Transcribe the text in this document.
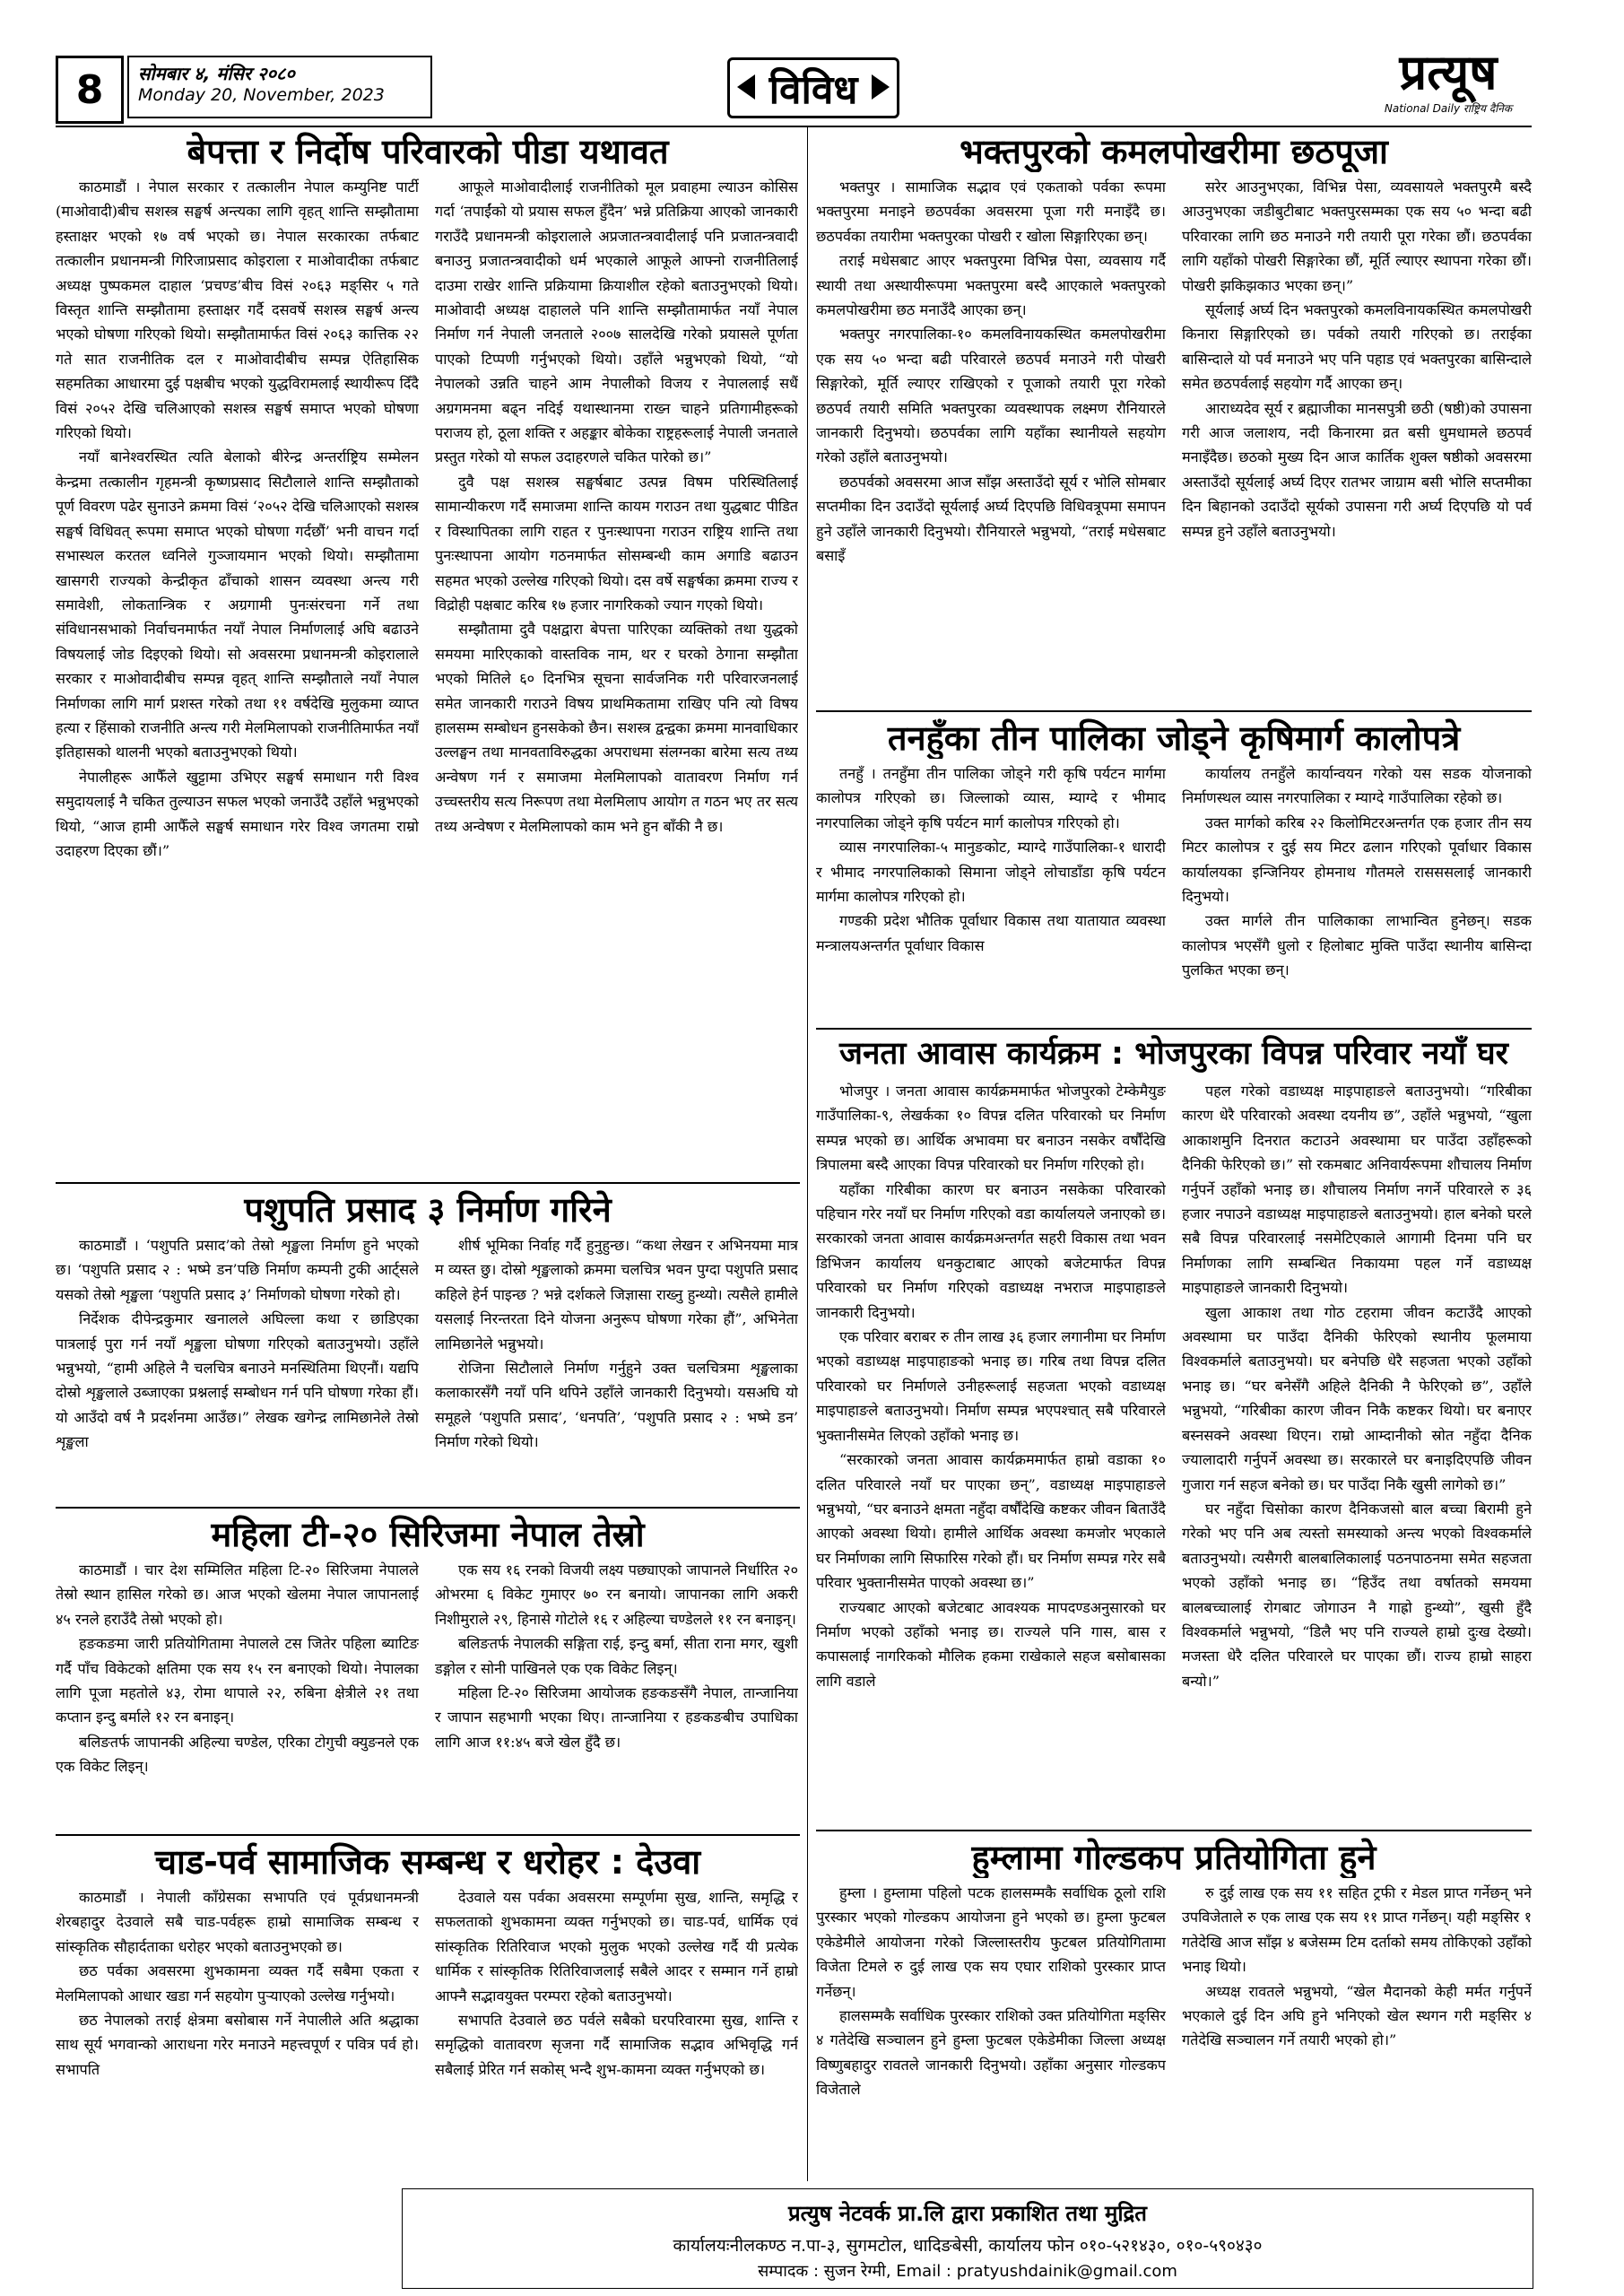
8	सोमबार ४, मंसिर २०८०
Monday 20, November, 2023	विविध	प्रत्यूष
National Daily राष्ट्रिय दैनिक
बेपत्ता र निर्दोष परिवारको पीडा यथावत

काठमाडौं । नेपाल सरकार र तत्कालीन नेपाल कम्युनिष्ट पार्टी (माओवादी)बीच सशस्त्र सङ्घर्ष अन्त्यका लागि वृहत् शान्ति सम्झौतामा हस्ताक्षर भएको १७ वर्ष भएको छ। नेपाल सरकारका तर्फबाट तत्कालीन प्रधानमन्त्री गिरिजाप्रसाद कोइराला र माओवादीका तर्फबाट अध्यक्ष पुष्पकमल दाहाल ‘प्रचण्ड’बीच विसं २०६३ मङ्सिर ५ गते विस्तृत शान्ति सम्झौतामा हस्ताक्षर गर्दै दसवर्षे सशस्त्र सङ्घर्ष अन्त्य भएको घोषणा गरिएको थियो। सम्झौतामार्फत विसं २०६३ कात्तिक २२ गते सात राजनीतिक दल र माओवादीबीच सम्पन्न ऐतिहासिक सहमतिका आधारमा दुई पक्षबीच भएको युद्धविरामलाई स्थायीरूप दिँदै विसं २०५२ देखि चलिआएको सशस्त्र सङ्घर्ष समाप्त भएको घोषणा गरिएको थियो।

नयाँ बानेश्वरस्थित त्यति बेलाको बीरेन्द्र अन्तर्राष्ट्रिय सम्मेलन केन्द्रमा तत्कालीन गृहमन्त्री कृष्णप्रसाद सिटौलाले शान्ति सम्झौताको पूर्ण विवरण पढेर सुनाउने क्रममा विसं ‘२०५२ देखि चलिआएको सशस्त्र सङ्घर्ष विधिवत् रूपमा समाप्त भएको घोषणा गर्दछौं’ भनी वाचन गर्दा सभास्थल करतल ध्वनिले गुञ्जायमान भएको थियो। सम्झौतामा खासगरी राज्यको केन्द्रीकृत ढाँचाको शासन व्यवस्था अन्त्य गरी समावेशी, लोकतान्त्रिक र अग्रगामी पुनःसंरचना गर्ने तथा संविधानसभाको निर्वाचनमार्फत नयाँ नेपाल निर्माणलाई अघि बढाउने विषयलाई जोड दिइएको थियो। सो अवसरमा प्रधानमन्त्री कोइरालाले सरकार र माओवादीबीच सम्पन्न वृहत् शान्ति सम्झौताले नयाँ नेपाल निर्माणका लागि मार्ग प्रशस्त गरेको तथा ११ वर्षदेखि मुलुकमा व्याप्त हत्या र हिंसाको राजनीति अन्त्य गरी मेलमिलापको राजनीतिमार्फत नयाँ इतिहासको थालनी भएको बताउनुभएको थियो।

नेपालीहरू आफैँले खुट्टामा उभिएर सङ्घर्ष समाधान गरी विश्व समुदायलाई नै चकित तुल्याउन सफल भएको जनाउँदै उहाँले भन्नुभएको थियो, “आज हामी आफैँले सङ्घर्ष समाधान गरेर विश्व जगतमा राम्रो उदाहरण दिएका छौं।”

आफूले माओवादीलाई राजनीतिको मूल प्रवाहमा ल्याउन कोसिस गर्दा ‘तपाईंको यो प्रयास सफल हुँदैन’ भन्ने प्रतिक्रिया आएको जानकारी गराउँदै प्रधानमन्त्री कोइरालाले अप्रजातन्त्रवादीलाई पनि प्रजातन्त्रवादी बनाउनु प्रजातन्त्रवादीको धर्म भएकाले आफूले आफ्नो राजनीतिलाई दाउमा राखेर शान्ति प्रक्रियामा क्रियाशील रहेको बताउनुभएको थियो। माओवादी अध्यक्ष दाहालले पनि शान्ति सम्झौतामार्फत नयाँ नेपाल निर्माण गर्न नेपाली जनताले २००७ सालदेखि गरेको प्रयासले पूर्णता पाएको टिप्पणी गर्नुभएको थियो। उहाँले भन्नुभएको थियो, “यो नेपालको उन्नति चाहने आम नेपालीको विजय र नेपाललाई सधैं अग्रगमनमा बढ्न नदिई यथास्थानमा राख्न चाहने प्रतिगामीहरूको पराजय हो, ठूला शक्ति र अहङ्कार बोकेका राष्ट्रहरूलाई नेपाली जनताले प्रस्तुत गरेको यो सफल उदाहरणले चकित पारेको छ।”

दुवै पक्ष सशस्त्र सङ्घर्षबाट उत्पन्न विषम परिस्थितिलाई सामान्यीकरण गर्दै समाजमा शान्ति कायम गराउन तथा युद्धबाट पीडित र विस्थापितका लागि राहत र पुनःस्थापना गराउन राष्ट्रिय शान्ति तथा पुनःस्थापना आयोग गठनमार्फत सोसम्बन्धी काम अगाडि बढाउन सहमत भएको उल्लेख गरिएको थियो। दस वर्षे सङ्घर्षका क्रममा राज्य र विद्रोही पक्षबाट करिब १७ हजार नागरिकको ज्यान गएको थियो।

सम्झौतामा दुवै पक्षद्वारा बेपत्ता पारिएका व्यक्तिको तथा युद्धको समयमा मारिएकाको वास्तविक नाम, थर र घरको ठेगाना सम्झौता भएको मितिले ६० दिनभित्र सूचना सार्वजनिक गरी परिवारजनलाई समेत जानकारी गराउने विषय प्राथमिकतामा राखिए पनि त्यो विषय हालसम्म सम्बोधन हुनसकेको छैन। सशस्त्र द्वन्द्वका क्रममा मानवाधिकार उल्लङ्घन तथा मानवताविरुद्धका अपराधमा संलग्नका बारेमा सत्य तथ्य अन्वेषण गर्न र समाजमा मेलमिलापको वातावरण निर्माण गर्न उच्चस्तरीय सत्य निरूपण तथा मेलमिलाप आयोग त गठन भए तर सत्य तथ्य अन्वेषण र मेलमिलापको काम भने हुन बाँकी नै छ।

पशुपति प्रसाद ३ निर्माण गरिने

काठमाडौं । ‘पशुपति प्रसाद’को तेस्रो शृङ्खला निर्माण हुने भएको छ। ‘पशुपति प्रसाद २ : भष्मे डन’पछि निर्माण कम्पनी टुकी आर्ट्सले यसको तेस्रो शृङ्खला ‘पशुपति प्रसाद ३’ निर्माणको घोषणा गरेको हो।

निर्देशक दीपेन्द्रकुमार खनालले अघिल्ला कथा र छाडिएका पात्रलाई पुरा गर्न नयाँ शृङ्खला घोषणा गरिएको बताउनुभयो। उहाँले भन्नुभयो, “हामी अहिले नै चलचित्र बनाउने मनस्थितिमा थिएनौं। यद्यपि दोस्रो शृङ्खलाले उब्जाएका प्रश्नलाई सम्बोधन गर्न पनि घोषणा गरेका हौं। यो आउँदो वर्ष नै प्रदर्शनमा आउँछ।” लेखक खगेन्द्र लामिछानेले तेस्रो शृङ्खला

शीर्ष भूमिका निर्वाह गर्दै हुनुहुन्छ। “कथा लेखन र अभिनयमा मात्र म व्यस्त छु। दोस्रो शृङ्खलाको क्रममा चलचित्र भवन पुग्दा पशुपति प्रसाद कहिले हेर्न पाइन्छ ? भन्ने दर्शकले जिज्ञासा राख्नु हुन्थ्यो। त्यसैले हामीले यसलाई निरन्तरता दिने योजना अनुरूप घोषणा गरेका हौं”, अभिनेता लामिछानेले भन्नुभयो।

रोजिना सिटौलाले निर्माण गर्नुहुने उक्त चलचित्रमा शृङ्खलाका कलाकारसँगै नयाँ पनि थपिने उहाँले जानकारी दिनुभयो। यसअघि यो समूहले ‘पशुपति प्रसाद’, ‘धनपति’, ‘पशुपति प्रसाद २ : भष्मे डन’ निर्माण गरेको थियो।

महिला टी-२० सिरिजमा नेपाल तेस्रो

काठमाडौं । चार देश सम्मिलित महिला टि-२० सिरिजमा नेपालले तेस्रो स्थान हासिल गरेको छ। आज भएको खेलमा नेपाल जापानलाई ४५ रनले हराउँदै तेस्रो भएको हो।

हङकङमा जारी प्रतियोगितामा नेपालले टस जितेर पहिला ब्याटिङ गर्दै पाँच विकेटको क्षतिमा एक सय १५ रन बनाएको थियो। नेपालका लागि पूजा महतोले ४३, रोमा थापाले २२, रुबिना क्षेत्रीले २१ तथा कप्तान इन्दु बर्माले १२ रन बनाइन्।

बलिङतर्फ जापानकी अहिल्या चण्डेल, एरिका टोगुची क्युङनले एक एक विकेट लिइन्।

एक सय १६ रनको विजयी लक्ष्य पछ्याएको जापानले निर्धारित २० ओभरमा ६ विकेट गुमाएर ७० रन बनायो। जापानका लागि अकरी निशीमुराले २९, हिनासे गोटोले १६ र अहिल्या चण्डेलले ११ रन बनाइन्।

बलिङतर्फ नेपालकी सङ्गिता राई, इन्दु बर्मा, सीता राना मगर, खुशी डङ्गोल र सोनी पाखिनले एक एक विकेट लिइन्।

महिला टि-२० सिरिजमा आयोजक हङकङसँगै नेपाल, तान्जानिया र जापान सहभागी भएका थिए। तान्जानिया र हङकङबीच उपाधिका लागि आज ११:४५ बजे खेल हुँदै छ।

चाड-पर्व सामाजिक सम्बन्ध र धरोहर : देउवा

काठमाडौं । नेपाली काँग्रेसका सभापति एवं पूर्वप्रधानमन्त्री शेरबहादुर देउवाले सबै चाड-पर्वहरू हाम्रो सामाजिक सम्बन्ध र सांस्कृतिक सौहार्दताका धरोहर भएको बताउनुभएको छ।

छठ पर्वका अवसरमा शुभकामना व्यक्त गर्दै सबैमा एकता र मेलमिलापको आधार खडा गर्न सहयोग पुऱ्याएको उल्लेख गर्नुभयो।

छठ नेपालको तराई क्षेत्रमा बसोबास गर्ने नेपालीले अति श्रद्धाका साथ सूर्य भगवान्को आराधना गरेर मनाउने महत्त्वपूर्ण र पवित्र पर्व हो। सभापति

देउवाले यस पर्वका अवसरमा सम्पूर्णमा सुख, शान्ति, समृद्धि र सफलताको शुभकामना व्यक्त गर्नुभएको छ। चाड-पर्व, धार्मिक एवं सांस्कृतिक रितिरिवाज भएको मुलुक भएको उल्लेख गर्दै यी प्रत्येक धार्मिक र सांस्कृतिक रितिरिवाजलाई सबैले आदर र सम्मान गर्ने हाम्रो आफ्नै सद्भावयुक्त परम्परा रहेको बताउनुभयो।

सभापति देउवाले छठ पर्वले सबैको घरपरिवारमा सुख, शान्ति र समृद्धिको वातावरण सृजना गर्दै सामाजिक सद्भाव अभिवृद्धि गर्न सबैलाई प्रेरित गर्न सकोस् भन्दै शुभ-कामना व्यक्त गर्नुभएको छ।

भक्तपुरको कमलपोखरीमा छठपूजा

भक्तपुर । सामाजिक सद्भाव एवं एकताको पर्वका रूपमा भक्तपुरमा मनाइने छठपर्वका अवसरमा पूजा गरी मनाइँदै छ। छठपर्वका तयारीमा भक्तपुरका पोखरी र खोला सिङ्गारिएका छन्।

तराई मधेसबाट आएर भक्तपुरमा विभिन्न पेसा, व्यवसाय गर्दै स्थायी तथा अस्थायीरूपमा भक्तपुरमा बस्दै आएकाले भक्तपुरको कमलपोखरीमा छठ मनाउँदै आएका छन्।

भक्तपुर नगरपालिका-१० कमलविनायकस्थित कमलपोखरीमा एक सय ५० भन्दा बढी परिवारले छठपर्व मनाउने गरी पोखरी सिङ्गारेको, मूर्ति ल्याएर राखिएको र पूजाको तयारी पूरा गरेको छठपर्व तयारी समिति भक्तपुरका व्यवस्थापक लक्ष्मण रौनियारले जानकारी दिनुभयो। छठपर्वका लागि यहाँका स्थानीयले सहयोग गरेको उहाँले बताउनुभयो।

छठपर्वको अवसरमा आज साँझ अस्ताउँदो सूर्य र भोलि सोमबार सप्तमीका दिन उदाउँदो सूर्यलाई अर्घ्य दिएपछि विधिवत्रूपमा समापन हुने उहाँले जानकारी दिनुभयो। रौनियारले भन्नुभयो, “तराई मधेसबाट बसाइँ

सरेर आउनुभएका, विभिन्न पेसा, व्यवसायले भक्तपुरमै बस्दै आउनुभएका जडीबुटीबाट भक्तपुरसम्मका एक सय ५० भन्दा बढी परिवारका लागि छठ मनाउने गरी तयारी पूरा गरेका छौं। छठपर्वका लागि यहाँको पोखरी सिङ्गारेका छौं, मूर्ति ल्याएर स्थापना गरेका छौं। पोखरी झकिझकाउ भएका छन्।”

सूर्यलाई अर्घ्य दिन भक्तपुरको कमलविनायकस्थित कमलपोखरी किनारा सिङ्गारिएको छ। पर्वको तयारी गरिएको छ। तराईका बासिन्दाले यो पर्व मनाउने भए पनि पहाड एवं भक्तपुरका बासिन्दाले समेत छठपर्वलाई सहयोग गर्दै आएका छन्।

आराध्यदेव सूर्य र ब्रह्माजीका मानसपुत्री छठी (षष्ठी)को उपासना गरी आज जलाशय, नदी किनारमा व्रत बसी धुमधामले छठपर्व मनाइँदैछ। छठको मुख्य दिन आज कार्तिक शुक्ल षष्ठीको अवसरमा अस्ताउँदो सूर्यलाई अर्घ्य दिएर रातभर जाग्राम बसी भोलि सप्तमीका दिन बिहानको उदाउँदो सूर्यको उपासना गरी अर्घ्य दिएपछि यो पर्व सम्पन्न हुने उहाँले बताउनुभयो।

तनहुँका तीन पालिका जोड्ने कृषिमार्ग कालोपत्रे

तनहुँ । तनहुँमा तीन पालिका जोड्ने गरी कृषि पर्यटन मार्गमा कालोपत्र गरिएको छ। जिल्लाको व्यास, म्याग्दे र भीमाद नगरपालिका जोड्ने कृषि पर्यटन मार्ग कालोपत्र गरिएको हो।

व्यास नगरपालिका-५ मानुङकोट, म्याग्दे गाउँपालिका-१ धारादी र भीमाद नगरपालिकाको सिमाना जोड्ने लोचाडाँडा कृषि पर्यटन मार्गमा कालोपत्र गरिएको हो।

गण्डकी प्रदेश भौतिक पूर्वाधार विकास तथा यातायात व्यवस्था मन्त्रालयअन्तर्गत पूर्वाधार विकास

कार्यालय तनहुँले कार्यान्वयन गरेको यस सडक योजनाको निर्माणस्थल व्यास नगरपालिका र म्याग्दे गाउँपालिका रहेको छ।

उक्त मार्गको करिब २२ किलोमिटरअन्तर्गत एक हजार तीन सय मिटर कालोपत्र र दुई सय मिटर ढलान गरिएको पूर्वाधार विकास कार्यालयका इन्जिनियर होमनाथ गौतमले रासससलाई जानकारी दिनुभयो।

उक्त मार्गले तीन पालिकाका लाभान्वित हुनेछन्। सडक कालोपत्र भएसँगै धुलो र हिलोबाट मुक्ति पाउँदा स्थानीय बासिन्दा पुलकित भएका छन्।

जनता आवास कार्यक्रम : भोजपुरका विपन्न परिवार नयाँ घर

भोजपुर । जनता आवास कार्यक्रममार्फत भोजपुरको टेम्केमैयुङ गाउँपालिका-९, लेखर्कका १० विपन्न दलित परिवारको घर निर्माण सम्पन्न भएको छ। आर्थिक अभावमा घर बनाउन नसकेर वर्षौंदेखि त्रिपालमा बस्दै आएका विपन्न परिवारको घर निर्माण गरिएको हो।

यहाँका गरिबीका कारण घर बनाउन नसकेका परिवारको पहिचान गरेर नयाँ घर निर्माण गरिएको वडा कार्यालयले जनाएको छ। सरकारको जनता आवास कार्यक्रमअन्तर्गत सहरी विकास तथा भवन डिभिजन कार्यालय धनकुटाबाट आएको बजेटमार्फत विपन्न परिवारको घर निर्माण गरिएको वडाध्यक्ष नभराज माइपाहाङले जानकारी दिनुभयो।

एक परिवार बराबर रु तीन लाख ३६ हजार लगानीमा घर निर्माण भएको वडाध्यक्ष माइपाहाङको भनाइ छ। गरिब तथा विपन्न दलित परिवारको घर निर्माणले उनीहरूलाई सहजता भएको वडाध्यक्ष माइपाहाङले बताउनुभयो। निर्माण सम्पन्न भएपश्चात् सबै परिवारले भुक्तानीसमेत लिएको उहाँको भनाइ छ।

“सरकारको जनता आवास कार्यक्रममार्फत हाम्रो वडाका १० दलित परिवारले नयाँ घर पाएका छन्”, वडाध्यक्ष माइपाहाङले भन्नुभयो, “घर बनाउने क्षमता नहुँदा वर्षौंदेखि कष्टकर जीवन बिताउँदै आएको अवस्था थियो। हामीले आर्थिक अवस्था कमजोर भएकाले घर निर्माणका लागि सिफारिस गरेको हौं। घर निर्माण सम्पन्न गरेर सबै परिवार भुक्तानीसमेत पाएको अवस्था छ।”

राज्यबाट आएको बजेटबाट आवश्यक मापदण्डअनुसारको घर निर्माण भएको उहाँको भनाइ छ। राज्यले पनि गास, बास र कपासलाई नागरिकको मौलिक हकमा राखेकाले सहज बसोबासका लागि वडाले

पहल गरेको वडाध्यक्ष माइपाहाङले बताउनुभयो। “गरिबीका कारण धेरै परिवारको अवस्था दयनीय छ”, उहाँले भन्नुभयो, “खुला आकाशमुनि दिनरात कटाउने अवस्थामा घर पाउँदा उहाँहरूको दैनिकी फेरिएको छ।” सो रकमबाट अनिवार्यरूपमा शौचालय निर्माण गर्नुपर्ने उहाँको भनाइ छ। शौचालय निर्माण नगर्ने परिवारले रु ३६ हजार नपाउने वडाध्यक्ष माइपाहाङले बताउनुभयो। हाल बनेको घरले सबै विपन्न परिवारलाई नसमेटिएकाले आगामी दिनमा पनि घर निर्माणका लागि सम्बन्धित निकायमा पहल गर्ने वडाध्यक्ष माइपाहाङले जानकारी दिनुभयो।

खुला आकाश तथा गोठ टहरामा जीवन कटाउँदै आएको अवस्थामा घर पाउँदा दैनिकी फेरिएको स्थानीय फूलमाया विश्वकर्माले बताउनुभयो। घर बनेपछि धेरै सहजता भएको उहाँको भनाइ छ। “घर बनेसँगै अहिले दैनिकी नै फेरिएको छ”, उहाँले भन्नुभयो, “गरिबीका कारण जीवन निकै कष्टकर थियो। घर बनाएर बस्नसक्ने अवस्था थिएन। राम्रो आम्दानीको स्रोत नहुँदा दैनिक ज्यालादारी गर्नुपर्ने अवस्था छ। सरकारले घर बनाइदिएपछि जीवन गुजारा गर्न सहज बनेको छ। घर पाउँदा निकै खुसी लागेको छ।”

घर नहुँदा चिसोका कारण दैनिकजसो बाल बच्चा बिरामी हुने गरेको भए पनि अब त्यस्तो समस्याको अन्त्य भएको विश्वकर्माले बताउनुभयो। त्यसैगरी बालबालिकालाई पठनपाठनमा समेत सहजता भएको उहाँको भनाइ छ। “हिउँद तथा वर्षातको समयमा बालबच्चालाई रोगबाट जोगाउन नै गाह्रो हुन्थ्यो”, खुसी हुँदै विश्वकर्माले भन्नुभयो, “डिलै भए पनि राज्यले हाम्रो दुःख देख्यो। मजस्ता धेरै दलित परिवारले घर पाएका छौं। राज्य हाम्रो साहरा बन्यो।”

हुम्लामा गोल्डकप प्रतियोगिता हुने

हुम्ला । हुम्लामा पहिलो पटक हालसम्मकै सर्वाधिक ठूलो राशि पुरस्कार भएको गोल्डकप आयोजना हुने भएको छ। हुम्ला फुटबल एकेडेमीले आयोजना गरेको जिल्लास्तरीय फुटबल प्रतियोगितामा विजेता टिमले रु दुई लाख एक सय एघार राशिको पुरस्कार प्राप्त गर्नेछन्।

हालसम्मकै सर्वाधिक पुरस्कार राशिको उक्त प्रतियोगिता मङ्सिर ४ गतेदेखि सञ्चालन हुने हुम्ला फुटबल एकेडेमीका जिल्ला अध्यक्ष विष्णुबहादुर रावतले जानकारी दिनुभयो। उहाँका अनुसार गोल्डकप विजेताले

रु दुई लाख एक सय ११ सहित ट्रफी र मेडल प्राप्त गर्नेछन् भने उपविजेताले रु एक लाख एक सय ११ प्राप्त गर्नेछन्। यही मङ्सिर १ गतेदेखि आज साँझ ४ बजेसम्म टिम दर्ताको समय तोकिएको उहाँको भनाइ थियो।

अध्यक्ष रावतले भन्नुभयो, “खेल मैदानको केही मर्मत गर्नुपर्ने भएकाले दुई दिन अघि हुने भनिएको खेल स्थगन गरी मङ्सिर ४ गतेदेखि सञ्चालन गर्ने तयारी भएको हो।”

प्रत्युष नेटवर्क प्रा.लि द्वारा प्रकाशित तथा मुद्रित
कार्यालयःनीलकण्ठ न.पा-३, सुगमटोल, धादिङबेसी, कार्यालय फोन ०१०-५२१४३०, ०१०-५९०४३०
सम्पादक : सुजन रेग्मी, Email : pratyushdainik@gmail.com
